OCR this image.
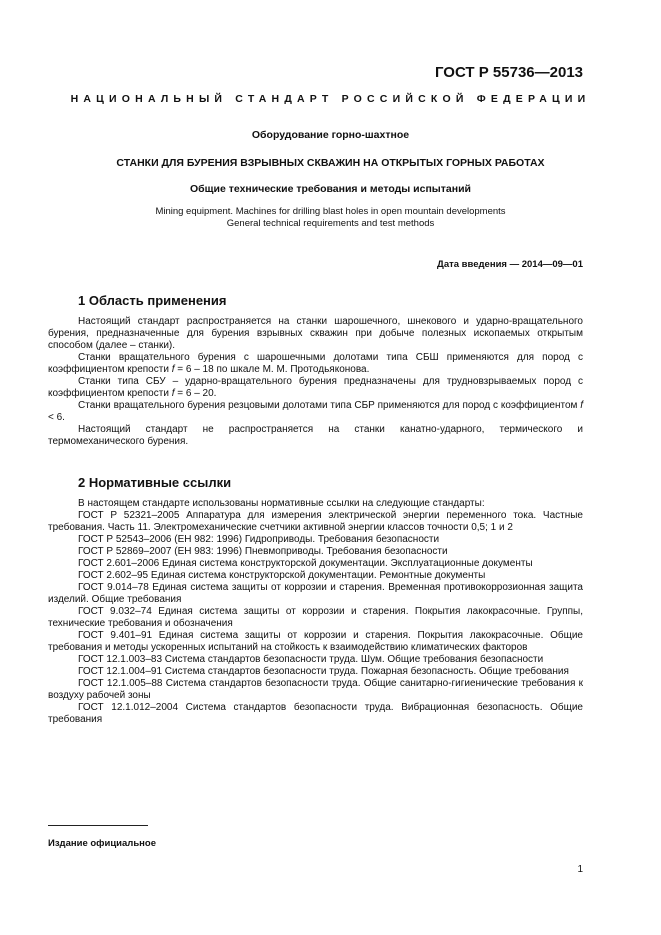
ГОСТ Р 55736—2013
НАЦИОНАЛЬНЫЙ СТАНДАРТ РОССИЙСКОЙ ФЕДЕРАЦИИ
Оборудование горно-шахтное
СТАНКИ ДЛЯ БУРЕНИЯ ВЗРЫВНЫХ СКВАЖИН НА ОТКРЫТЫХ ГОРНЫХ РАБОТАХ
Общие технические требования и методы испытаний
Mining equipment. Machines for drilling blast holes in open mountain developments
General technical requirements and test methods
Дата введения — 2014—09—01
1 Область применения

Настоящий стандарт распространяется на станки шарошечного, шнекового и ударно-вращательного бурения, предназначенные для бурения взрывных скважин при добыче полезных ископаемых открытым способом (далее – станки).

Станки вращательного бурения с шарошечными долотами типа СБШ применяются для пород с коэффициентом крепости f = 6 – 18 по шкале М. М. Протодьяконова.

Станки типа СБУ – ударно-вращательного бурения предназначены для трудновзрываемых пород с коэффициентом крепости f = 6 – 20.

Станки вращательного бурения резцовыми долотами типа СБР применяются для пород с коэффициентом f < 6.

Настоящий стандарт не распространяется на станки канатно-ударного, термического и термомеханического бурения.

2 Нормативные ссылки

В настоящем стандарте использованы нормативные ссылки на следующие стандарты:

ГОСТ Р 52321–2005 Аппаратура для измерения электрической энергии переменного тока. Частные требования. Часть 11. Электромеханические счетчики активной энергии классов точности 0,5; 1 и 2

ГОСТ Р 52543–2006 (ЕН 982: 1996) Гидроприводы. Требования безопасности

ГОСТ Р 52869–2007 (ЕН 983: 1996) Пневмоприводы. Требования безопасности

ГОСТ 2.601–2006 Единая система конструкторской документации. Эксплуатационные документы

ГОСТ 2.602–95 Единая система конструкторской документации. Ремонтные документы

ГОСТ 9.014–78 Единая система защиты от коррозии и старения. Временная противокоррозионная защита изделий. Общие требования

ГОСТ 9.032–74 Единая система защиты от коррозии и старения. Покрытия лакокрасочные. Группы, технические требования и обозначения

ГОСТ 9.401–91 Единая система защиты от коррозии и старения. Покрытия лакокрасочные. Общие требования и методы ускоренных испытаний на стойкость к взаимодействию климатических факторов

ГОСТ 12.1.003–83 Система стандартов безопасности труда. Шум. Общие требования безопасности

ГОСТ 12.1.004–91 Система стандартов безопасности труда. Пожарная безопасность. Общие требования

ГОСТ 12.1.005–88 Система стандартов безопасности труда. Общие санитарно-гигиенические требования к воздуху рабочей зоны

ГОСТ 12.1.012–2004 Система стандартов безопасности труда. Вибрационная безопасность. Общие требования

Издание официальное
1
